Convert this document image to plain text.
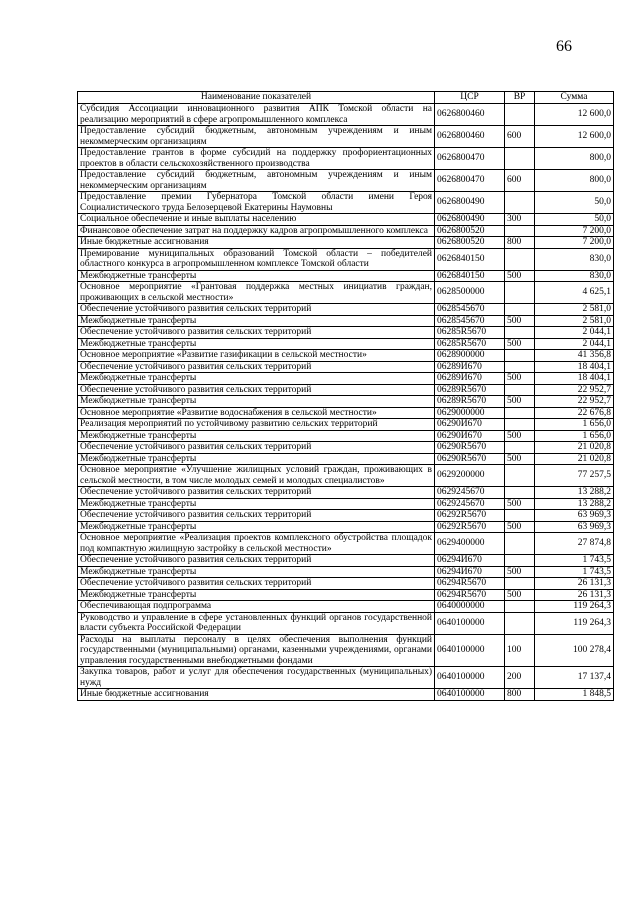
66
Наименование показателей	ЦСР	ВР	Сумма
Субсидия Ассоциации инновационного развития АПК Томской области на реализацию мероприятий в сфере агропромышленного комплекса	0626800460		12 600,0
Предоставление субсидий бюджетным, автономным учреждениям и иным некоммерческим организациям	0626800460	600	12 600,0
Предоставление грантов в форме субсидий на поддержку профориентационных проектов в области сельскохозяйственного производства	0626800470		800,0
Предоставление субсидий бюджетным, автономным учреждениям и иным некоммерческим организациям	0626800470	600	800,0
Предоставление премии Губернатора Томской области имени Героя Социалистического труда Белозерцевой Екатерины Наумовны	0626800490		50,0
Социальное обеспечение и иные выплаты населению	0626800490	300	50,0
Финансовое обеспечение затрат на поддержку кадров агропромышленного комплекса	0626800520		7 200,0
Иные бюджетные ассигнования	0626800520	800	7 200,0
Премирование муниципальных образований Томской области – победителей областного конкурса в агропромышленном комплексе Томской области	0626840150		830,0
Межбюджетные трансферты	0626840150	500	830,0
Основное мероприятие «Грантовая поддержка местных инициатив граждан, проживающих в сельской местности»	0628500000		4 625,1
Обеспечение устойчивого развития сельских территорий	0628545670		2 581,0
Межбюджетные трансферты	0628545670	500	2 581,0
Обеспечение устойчивого развития сельских территорий	06285R5670		2 044,1
Межбюджетные трансферты	06285R5670	500	2 044,1
Основное мероприятие «Развитие газификации в сельской местности»	0628900000		41 356,8
Обеспечение устойчивого развития сельских территорий	06289И670		18 404,1
Межбюджетные трансферты	06289И670	500	18 404,1
Обеспечение устойчивого развития сельских территорий	06289R5670		22 952,7
Межбюджетные трансферты	06289R5670	500	22 952,7
Основное мероприятие «Развитие водоснабжения в сельской местности»	0629000000		22 676,8
Реализация мероприятий по устойчивому развитию сельских территорий	06290И670		1 656,0
Межбюджетные трансферты	06290И670	500	1 656,0
Обеспечение устойчивого развития сельских территорий	06290R5670		21 020,8
Межбюджетные трансферты	06290R5670	500	21 020,8
Основное мероприятие «Улучшение жилищных условий граждан, проживающих в сельской местности, в том числе молодых семей и молодых специалистов»	0629200000		77 257,5
Обеспечение устойчивого развития сельских территорий	0629245670		13 288,2
Межбюджетные трансферты	0629245670	500	13 288,2
Обеспечение устойчивого развития сельских территорий	06292R5670		63 969,3
Межбюджетные трансферты	06292R5670	500	63 969,3
Основное мероприятие «Реализация проектов комплексного обустройства площадок под компактную жилищную застройку в сельской местности»	0629400000		27 874,8
Обеспечение устойчивого развития сельских территорий	06294И670		1 743,5
Межбюджетные трансферты	06294И670	500	1 743,5
Обеспечение устойчивого развития сельских территорий	06294R5670		26 131,3
Межбюджетные трансферты	06294R5670	500	26 131,3
Обеспечивающая подпрограмма	0640000000		119 264,3
Руководство и управление в сфере установленных функций органов государственной власти субъекта Российской Федерации	0640100000		119 264,3
Расходы на выплаты персоналу в целях обеспечения выполнения функций государственными (муниципальными) органами, казенными учреждениями, органами управления государственными внебюджетными фондами	0640100000	100	100 278,4
Закупка товаров, работ и услуг для обеспечения государственных (муниципальных) нужд	0640100000	200	17 137,4
Иные бюджетные ассигнования	0640100000	800	1 848,5
